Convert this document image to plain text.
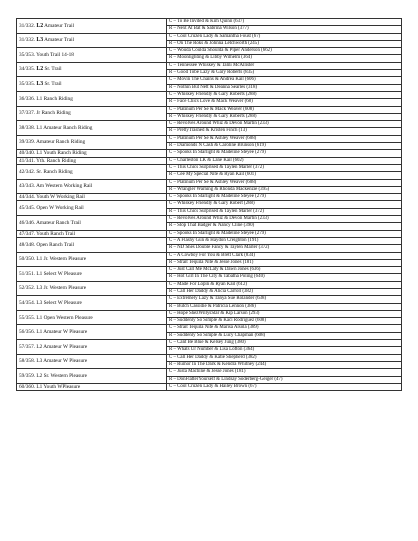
31/332. L2 Amateur Trail	C – To Be Invited & Kim Quinn (637)
	R – Next At Bat & Sabrina Wilson (377)
31/332. L3 Amateur Trail	C – Cool Cruzen Lady & Samantha Foust (67)
	R – On The Roks & Johnna Letchworth (245)
35/353. Youth Trail 14-18	C – Wouda Coulda Shoulda & Piper Anderson (662)
	R – Moonlighting & Libby Wilhelm (364)
34/335. L2 Sr. Trail	C – Tennessee Whiskey & Tami McAllister
	R – Good Tobe Lazy & Gary Roberts (835)
35/335. L3 Sr. Trail	C – Movin The Chains & Andrea Kail (606)
	R – Nothin But Nett & Deanna Searles (318)
36/336. L1 Ranch Riding	C – Whiskey Friendly & Gary Roberts (288)
	R – Face Chics Love & Mack Weaver (68)
37/337. Jr Ranch Riding	C – Platinum Per Se & Mack Weaver (608)
	R – Whiskey Friendly & Gary Roberts (288)
38/338. L1 Amateur Ranch Riding	C – Revolves Around Whiz & Devon Martin (233)
	R – PrettyTrashed & Kristen Finch (13)
39/339. Amateur Ranch Riding	C – Platinum Per Se & Ashley Weaver (608)
	R – Diamonds N Cash & Caroline Brunson (619)
40/340. L1 Youth Ranch Riding	C – Spooks In Starlight & Madeline Steyee (279)
41/341. Yth. Ranch Riding	C – Charleston LK & Lane Kail (602)
42/342. Sr. Ranch Riding	C – This Chics Surprised & Taylen Marler (372)
	R – Cee My Special Nite & Ryan Kail (601)
43/343. Am Western Working Rail	C – Platinum Per Se & Ashley Weaver (608)
	R – Wrangler Warning & Rhonda Mackenzie (395)
44/344. Youth W Working Rail	C – Spooks In Starlight & Madeline Steyee (279)
45/345. Open W Working Rail	C – Whiskey Friendly & Gary Robert (288)
	R – This Chics Surprised & Taylen Marler (372)
46/346. Amateur Ranch Trail	C – Revolves Around Whiz & Devon Martin (233)
	R – Stop That Badger & Nancy Cline (390)
47/347. Youth Ranch Trail	C – Spooks In Starlight & Madeline Steyee (279)
48/348. Open Ranch Trail	C – A Flashy Gun & Haydon Creighton (191)
	R – ND Shes Double Fancy & Taylen Marler (372)
50/350. L1 Jr. Western Pleasure	C – A Cowboy For You & Brett Clark (834)
	R – Strait Tequila Nite & Jesse Jones (181)
51/351. L1 Select W Pleasure	C – Just Call Me McLaty & Dawn Jones (636)
	R – Hot Girl In The City & Tabatha Poling (640)
52/352. L3 Jr. Western Pleasure	C – Made For Lopin & Ryan Kail (612)
	R – Call Her Daddy & Alicia Carroll (382)
54/354. L3 Select W Pleasure	C – Extremely Lazy & Tanya Sue Rolander (638)
	R – Butch Cassidie & Patricia Lennon (386)
55/355. L1 Open Western Pleasure	C – Hope ShezWillysStar & Kip Larson (293)
	R – Suddenly So Simple & Kaci Rodriguez (608)
56/356. L1 Amateur W Pleasure	C – Strait Tequila Nite & Marisa Alsola (389)
	R – Suddenly So Simple & Lucy Chapman (608)
57/357. L2 Amateur W Pleasure	C – Cant Be Blue & Kelsey Jung (380)
	R – Whats Ur Number & Lisa Lofton (364)
58/358. L3 Amateur W Pleasure	C – Call Her Daddy & Katie Shepherd (382)
	R – Rumor In The Dark & Kendra Whitney (244)
59/359. L2 Sr. Western Pleasure	C – Justa Machine & Jesse Jones (181)
	R – DonFlatterYourself & Lindsay Soderberg-Geiger (47)
60/360. L1 Youth WPleasure	C – Cool Cruzen Lady & Hailey Brown (67)
